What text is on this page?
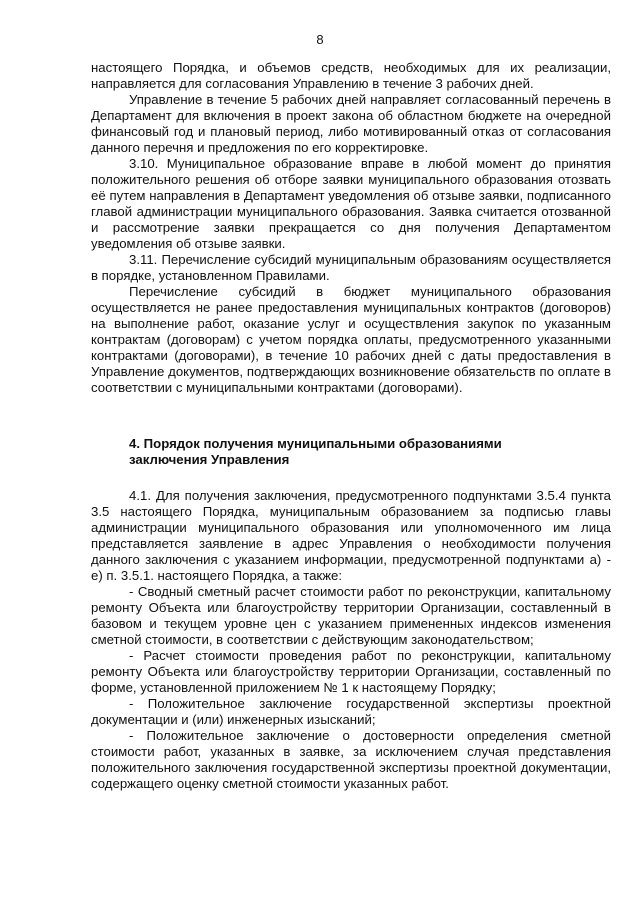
8

настоящего Порядка, и объемов средств, необходимых для их реализации, направляется для согласования Управлению в течение 3 рабочих дней.

Управление в течение 5 рабочих дней направляет согласованный перечень в Департамент для включения в проект закона об областном бюджете на очередной финансовый год и плановый период, либо мотивированный отказ от согласования данного перечня и предложения по его корректировке.

3.10. Муниципальное образование вправе в любой момент до принятия положительного решения об отборе заявки муниципального образования отозвать её путем направления в Департамент уведомления об отзыве заявки, подписанного главой администрации муниципального образования. Заявка считается отозванной и рассмотрение заявки прекращается со дня получения Департаментом уведомления об отзыве заявки.

3.11. Перечисление субсидий муниципальным образованиям осуществляется в порядке, установленном Правилами.

Перечисление субсидий в бюджет муниципального образования осуществляется не ранее предоставления муниципальных контрактов (договоров) на выполнение работ, оказание услуг и осуществления закупок по указанным контрактам (договорам) с учетом порядка оплаты, предусмотренного указанными контрактами (договорами), в течение 10 рабочих дней с даты предоставления в Управление документов, подтверждающих возникновение обязательств по оплате в соответствии с муниципальными контрактами (договорами).

4. Порядок получения муниципальными образованиями

заключения Управления

4.1. Для получения заключения, предусмотренного подпунктами 3.5.4 пункта 3.5 настоящего Порядка, муниципальным образованием за подписью главы администрации муниципального образования или уполномоченного им лица представляется заявление в адрес Управления о необходимости получения данного заключения с указанием информации, предусмотренной подпунктами а) - е) п. 3.5.1. настоящего Порядка, а также:

- Сводный сметный расчет стоимости работ по реконструкции, капитальному ремонту Объекта или благоустройству территории Организации, составленный в базовом и текущем уровне цен с указанием примененных индексов изменения сметной стоимости, в соответствии с действующим законодательством;

- Расчет стоимости проведения работ по реконструкции, капитальному ремонту Объекта или благоустройству территории Организации, составленный по форме, установленной приложением № 1 к настоящему Порядку;

- Положительное заключение государственной экспертизы проектной документации и (или) инженерных изысканий;

- Положительное заключение о достоверности определения сметной стоимости работ, указанных в заявке, за исключением случая представления положительного заключения государственной экспертизы проектной документации, содержащего оценку сметной стоимости указанных работ.
